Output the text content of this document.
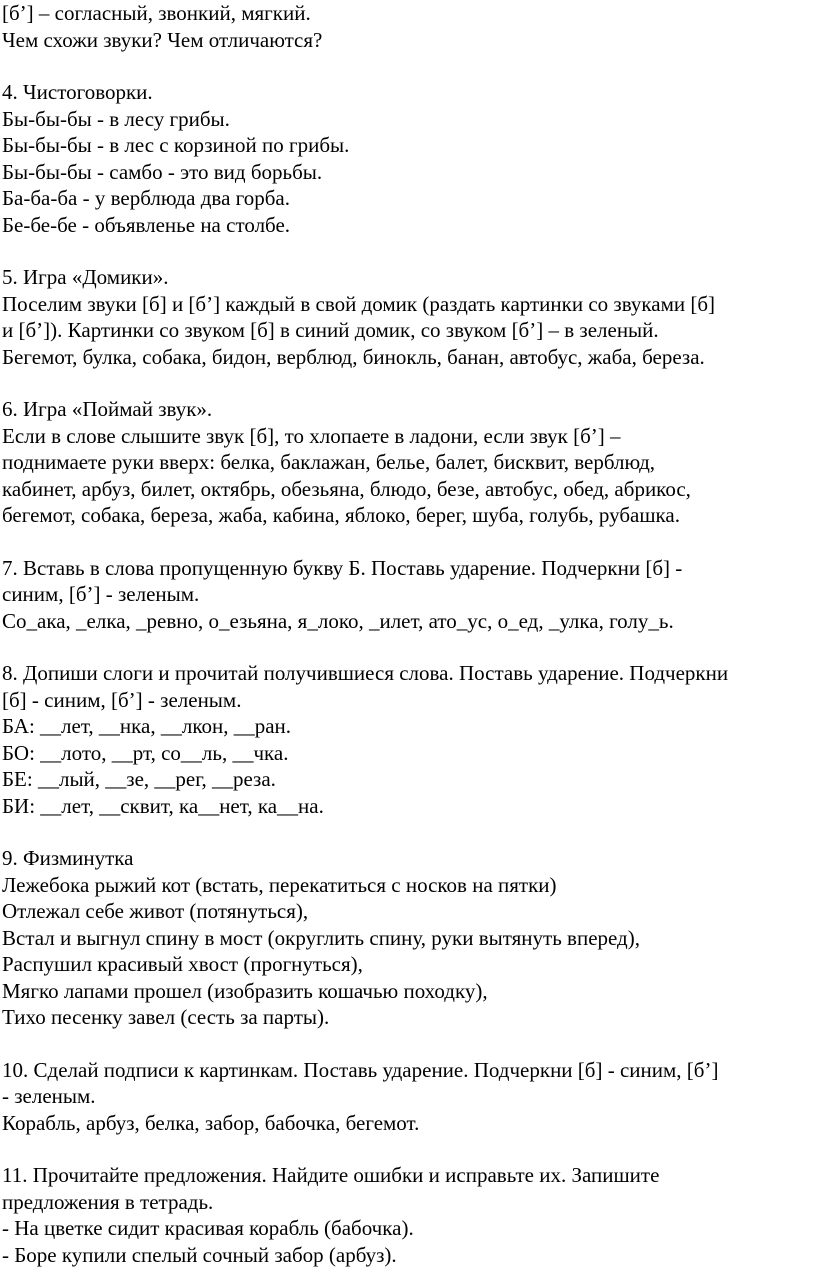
[б’] – согласный, звонкий, мягкий.
Чем схожи звуки? Чем отличаются?
4. Чистоговорки.
Бы-бы-бы - в лесу грибы.
Бы-бы-бы - в лес с корзиной по грибы.
Бы-бы-бы - самбо - это вид борьбы.
Ба-ба-ба - у верблюда два горба.
Бе-бе-бе - объявленье на столбе.
5. Игра «Домики».
Поселим звуки [б] и [б’] каждый в свой домик (раздать картинки со звуками [б]
и [б’]). Картинки со звуком [б] в синий домик, со звуком [б’] – в зеленый.
Бегемот, булка, собака, бидон, верблюд, бинокль, банан, автобус, жаба, береза.
6. Игра «Поймай звук».
Если в слове слышите звук [б], то хлопаете в ладони, если звук [б’] –
поднимаете руки вверх: белка, баклажан, белье, балет, бисквит, верблюд,
кабинет, арбуз, билет, октябрь, обезьяна, блюдо, безе, автобус, обед, абрикос,
бегемот, собака, береза, жаба, кабина, яблоко, берег, шуба, голубь, рубашка.
7. Вставь в слова пропущенную букву Б. Поставь ударение. Подчеркни [б] -
синим, [б’] - зеленым.
Со_ака, _елка, _ревно, о_езьяна, я_локо, _илет, ато_ус, о_ед, _улка, голу_ь.
8. Допиши слоги и прочитай получившиеся слова. Поставь ударение. Подчеркни
[б] - синим, [б’] - зеленым.
БА: __лет, __нка, __лкон, __ран.
БО: __лото, __рт, со__ль, __чка.
БЕ: __лый, __зе, __рег, __реза.
БИ: __лет, __сквит, ка__нет, ка__на.
9. Физминутка
Лежебока рыжий кот (встать, перекатиться с носков на пятки)
Отлежал себе живот (потянуться),
Встал и выгнул спину в мост (округлить спину, руки вытянуть вперед),
Распушил красивый хвост (прогнуться),
Мягко лапами прошел (изобразить кошачью походку),
Тихо песенку завел (сесть за парты).
10. Сделай подписи к картинкам. Поставь ударение. Подчеркни [б] - синим, [б’]
- зеленым.
Корабль, арбуз, белка, забор, бабочка, бегемот.
11. Прочитайте предложения. Найдите ошибки и исправьте их. Запишите
предложения в тетрадь.
- На цветке сидит красивая корабль (бабочка).
- Боре купили спелый сочный забор (арбуз).
